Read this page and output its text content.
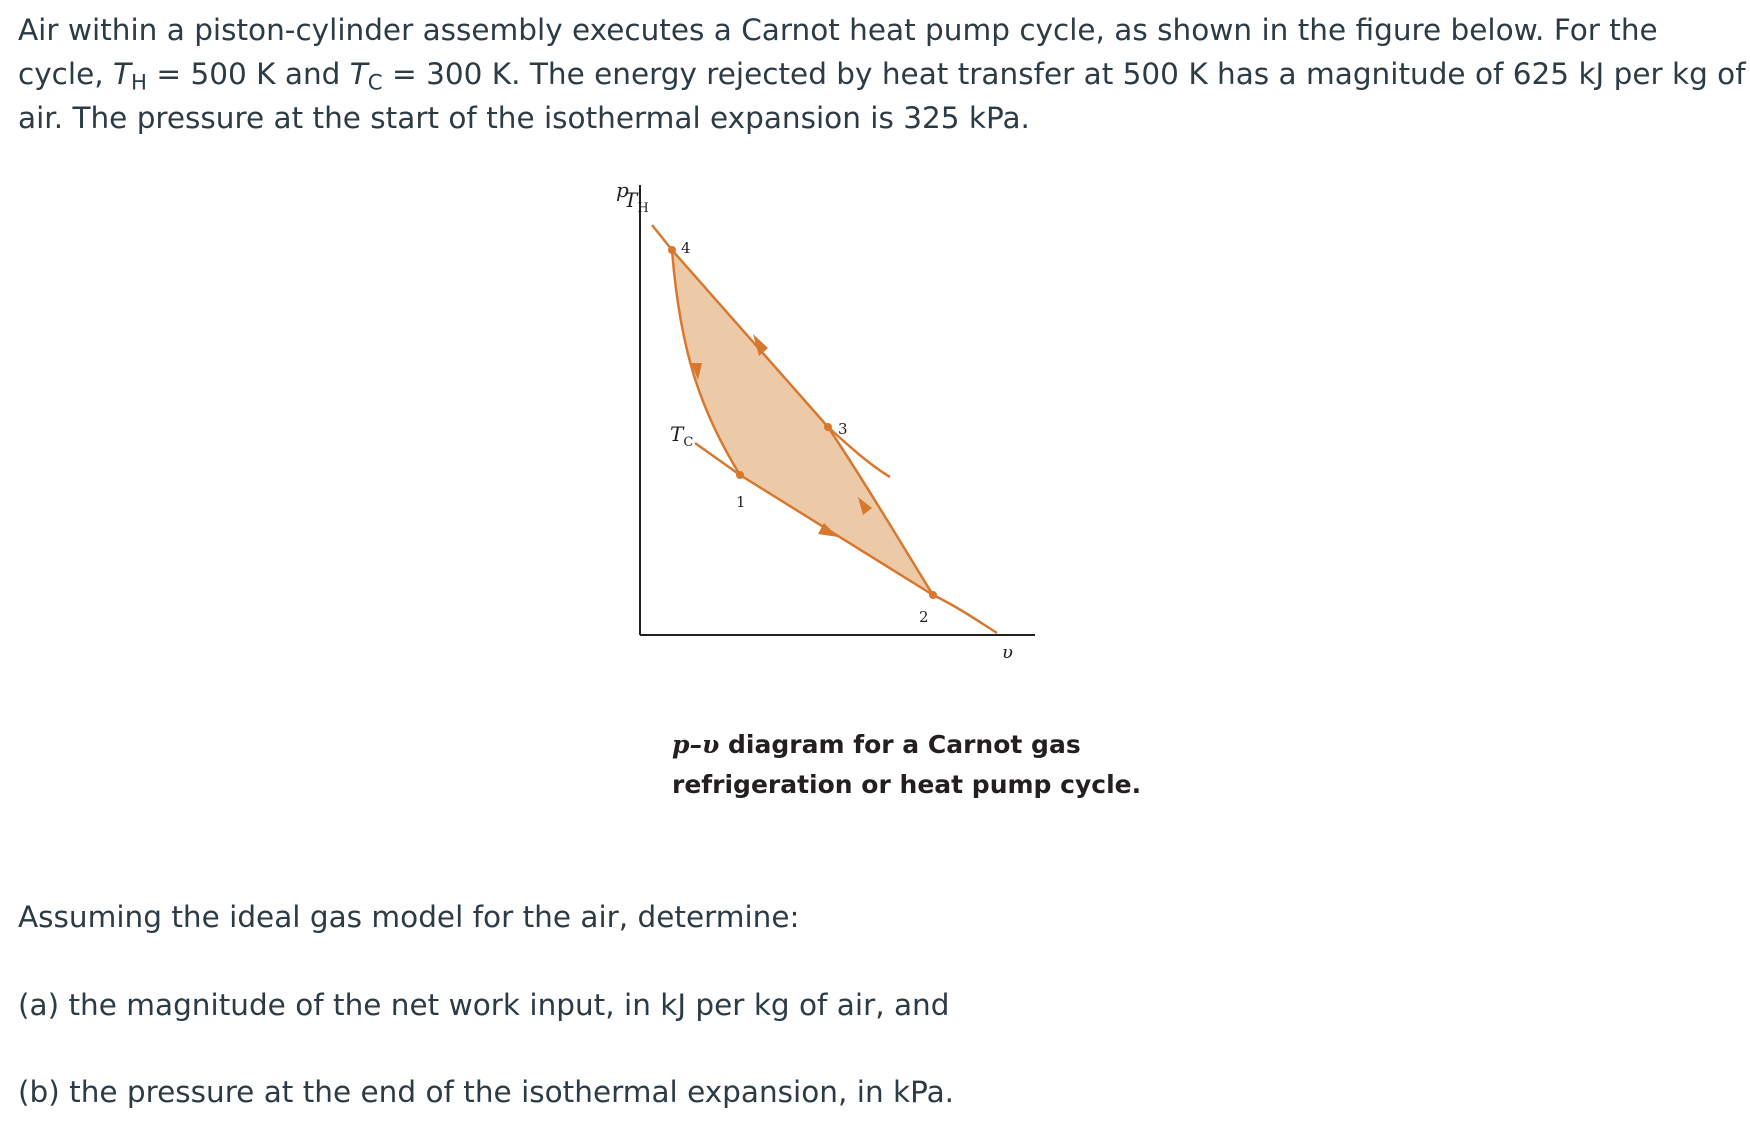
Air within a piston-cylinder assembly executes a Carnot heat pump cycle, as shown in the figure below. For the cycle, $T_H = 500$ K and $T_C = 300$ K. The energy rejected by heat transfer at 500 K has a magnitude of 625 kJ per kg of air. The pressure at the start of the isothermal expansion is 325 kPa.

p
υ
$T_H$
$T_C$
4
3
1
2

p–υ diagram for a Carnot gas
refrigeration or heat pump cycle.

Assuming the ideal gas model for the air, determine:

(a) the magnitude of the net work input, in kJ per kg of air, and

(b) the pressure at the end of the isothermal expansion, in kPa.
